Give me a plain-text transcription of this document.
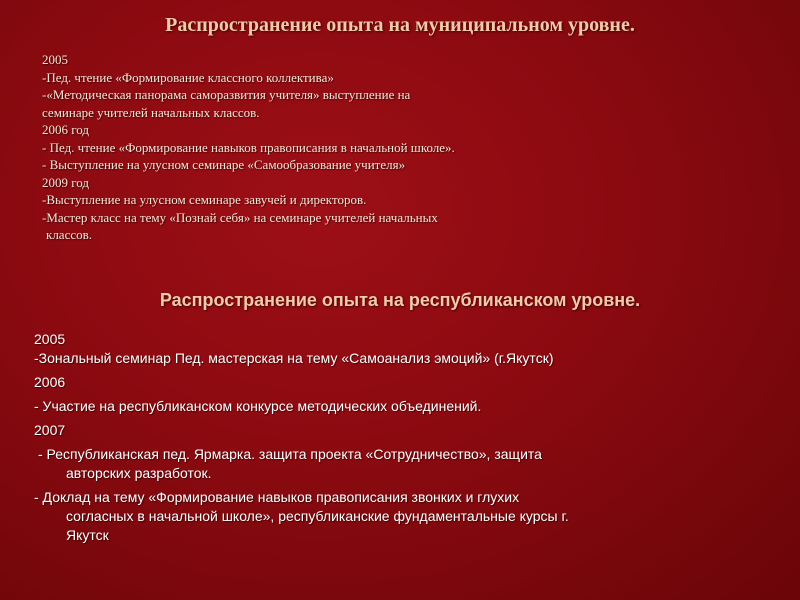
Распространение опыта на муниципальном уровне.
2005
-Пед. чтение «Формирование классного коллектива»
-«Методическая панорама саморазвития учителя» выступление на
семинаре учителей начальных классов.
2006 год
- Пед. чтение «Формирование навыков правописания в начальной школе».
- Выступление на улусном семинаре «Самообразование учителя»
2009 год
-Выступление на улусном семинаре завучей и директоров.
-Мастер класс на тему «Познай себя» на семинаре учителей начальных
классов.
Распространение опыта на республиканском уровне.
2005
-Зональный семинар Пед. мастерская на тему «Самоанализ эмоций» (г.Якутск)
2006
- Участие на республиканском конкурсе методических объединений.
2007
- Республиканская пед. Ярмарка. защита проекта «Сотрудничество», защита
авторских разработок.
- Доклад на тему «Формирование навыков правописания звонких и глухих
согласных в начальной школе», республиканские фундаментальные курсы г.
Якутск
